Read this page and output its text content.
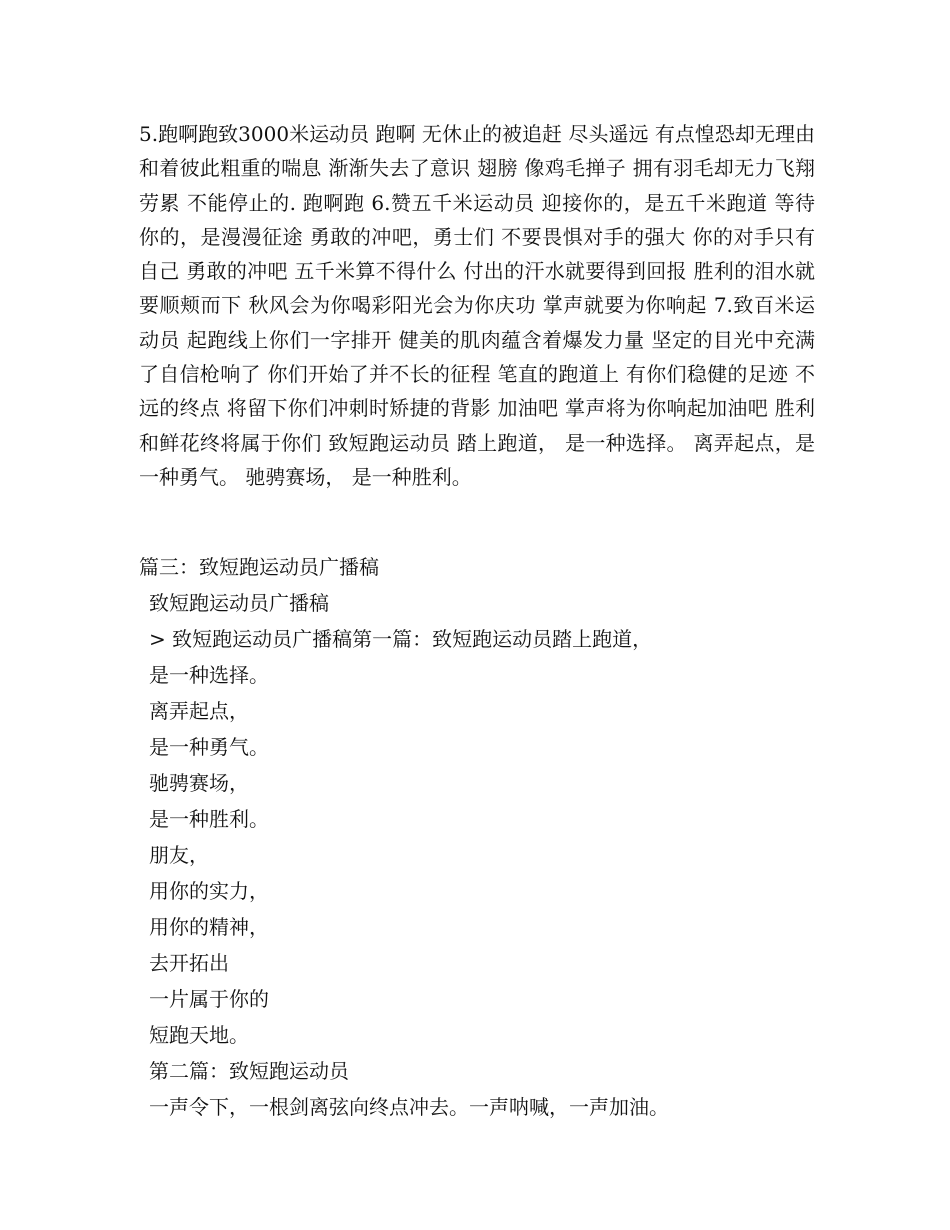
5.跑啊跑致3000米运动员 跑啊 无休止的被追赶 尽头遥远 有点惶恐却无理由和着彼此粗重的喘息 渐渐失去了意识 翅膀 像鸡毛掸子 拥有羽毛却无力飞翔 劳累 不能停止的. 跑啊跑 6.赞五千米运动员 迎接你的，是五千米跑道 等待你的，是漫漫征途 勇敢的冲吧，勇士们 不要畏惧对手的强大 你的对手只有自己 勇敢的冲吧 五千米算不得什么 付出的汗水就要得到回报 胜利的泪水就要顺颊而下 秋风会为你喝彩阳光会为你庆功 掌声就要为你响起 7.致百米运动员 起跑线上你们一字排开 健美的肌肉蕴含着爆发力量 坚定的目光中充满了自信枪响了 你们开始了并不长的征程 笔直的跑道上 有你们稳健的足迹 不远的终点 将留下你们冲刺时矫捷的背影 加油吧 掌声将为你响起加油吧 胜利和鲜花终将属于你们 致短跑运动员 踏上跑道， 是一种选择。 离弄起点，是一种勇气。 驰骋赛场， 是一种胜利。

篇三：致短跑运动员广播稿
致短跑运动员广播稿
> 致短跑运动员广播稿第一篇：致短跑运动员踏上跑道，
是一种选择。
离弄起点，
是一种勇气。
驰骋赛场，
是一种胜利。
朋友，
用你的实力，
用你的精神，
去开拓出
一片属于你的
短跑天地。
第二篇：致短跑运动员
一声令下，一根剑离弦向终点冲去。一声呐喊，一声加油。
